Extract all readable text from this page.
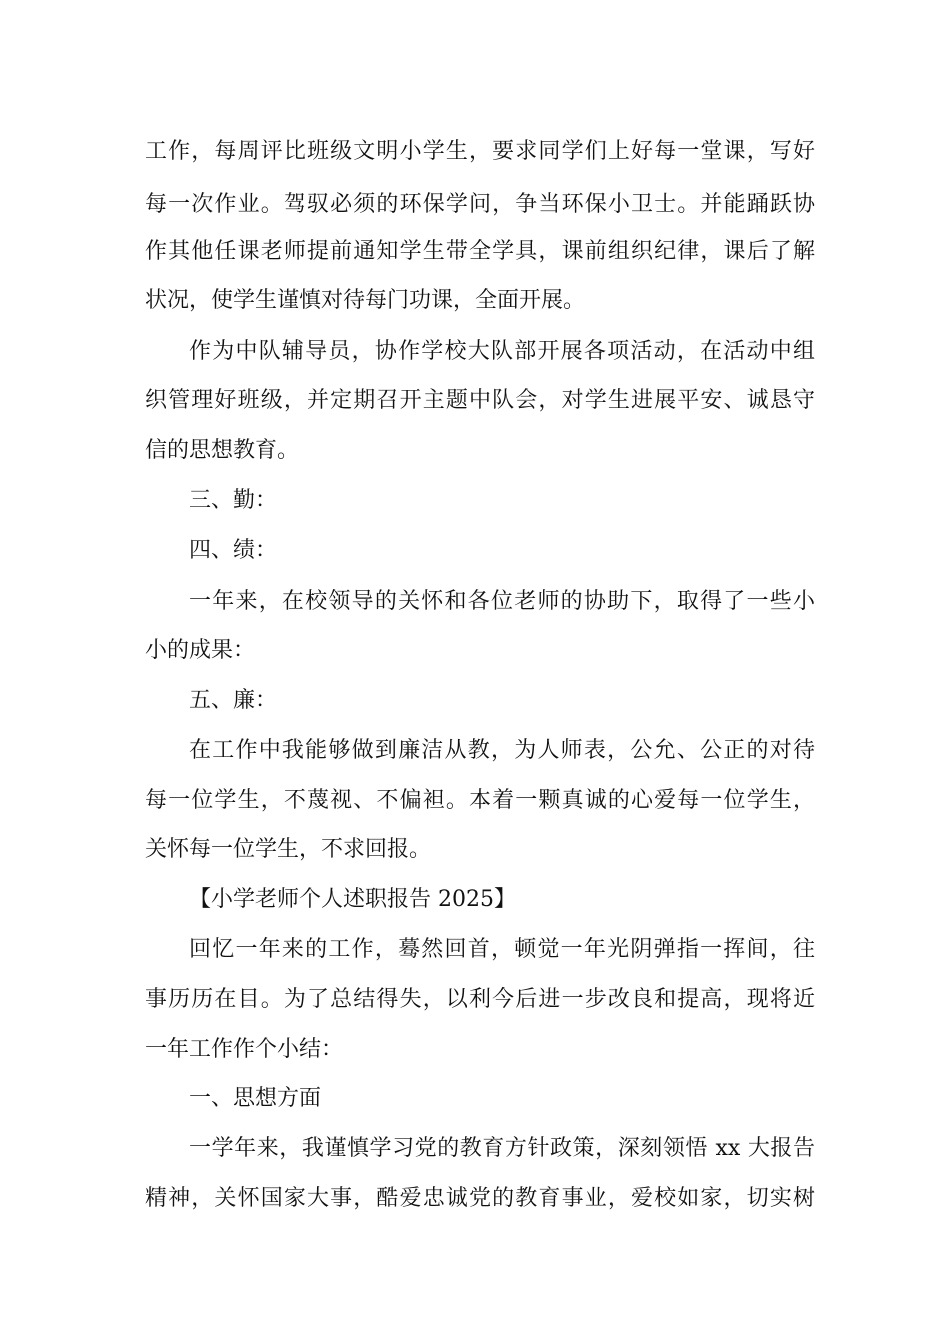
工作，每周评比班级文明小学生，要求同学们上好每一堂课，写好

每一次作业。驾驭必须的环保学问，争当环保小卫士。并能踊跃协

作其他任课老师提前通知学生带全学具，课前组织纪律，课后了解

状况，使学生谨慎对待每门功课，全面开展。

作为中队辅导员，协作学校大队部开展各项活动，在活动中组

织管理好班级，并定期召开主题中队会，对学生进展平安、诚恳守

信的思想教育。

三、勤：

四、绩：

一年来，在校领导的关怀和各位老师的协助下，取得了一些小

小的成果：

五、廉：

在工作中我能够做到廉洁从教，为人师表，公允、公正的对待

每一位学生，不蔑视、不偏袒。本着一颗真诚的心爱每一位学生，

关怀每一位学生，不求回报。

【小学老师个人述职报告 2025】

回忆一年来的工作，蓦然回首，顿觉一年光阴弹指一挥间，往

事历历在目。为了总结得失，以利今后进一步改良和提高，现将近

一年工作作个小结：

一、思想方面

一学年来，我谨慎学习党的教育方针政策，深刻领悟 xx 大报告

精神，关怀国家大事，酷爱忠诚党的教育事业，爱校如家，切实树
